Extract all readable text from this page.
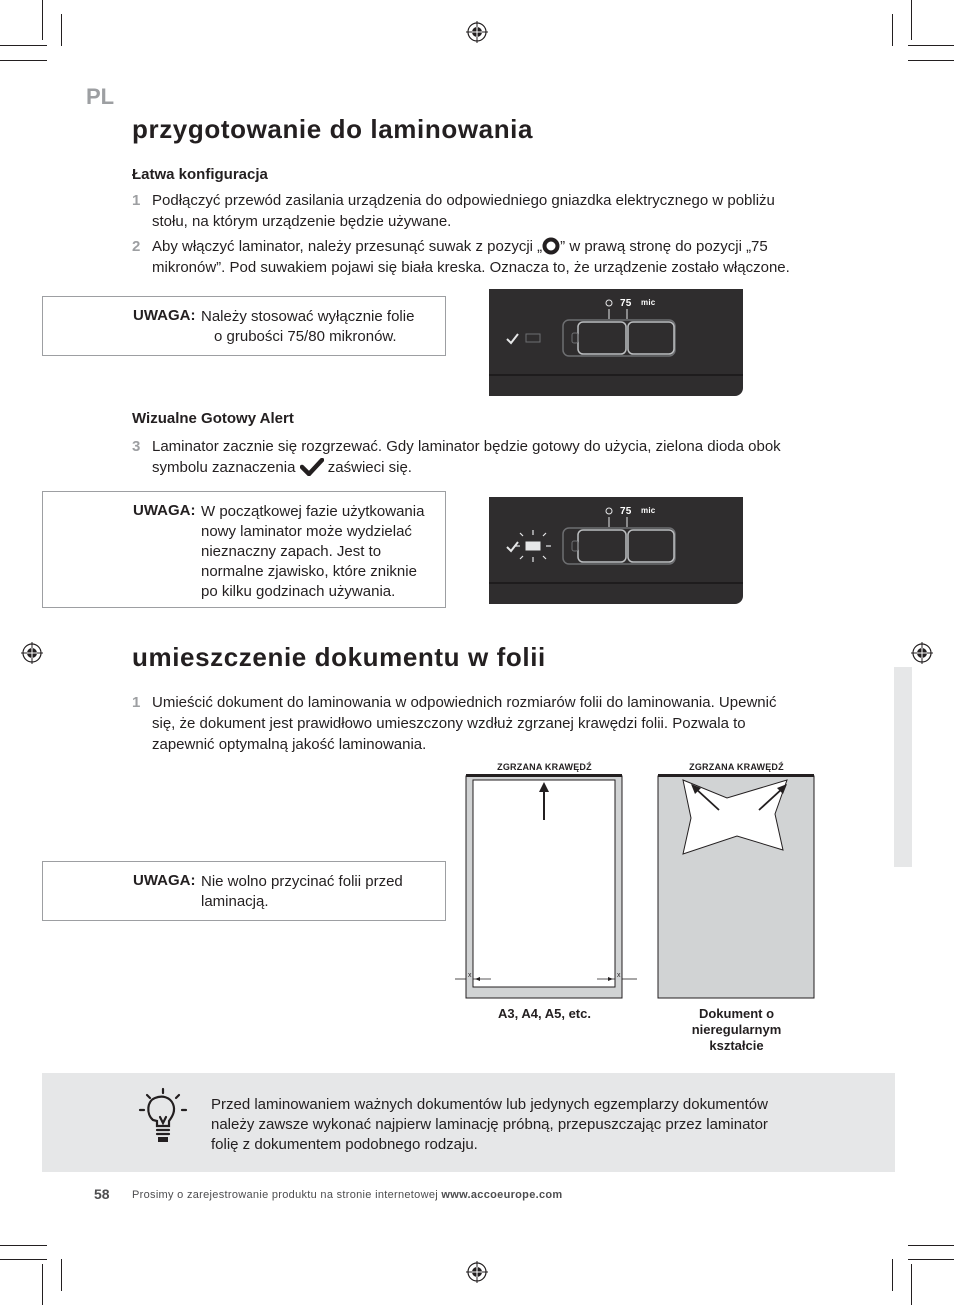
PL
przygotowanie do laminowania
Łatwa konfiguracja
1 Podłączyć przewód zasilania urządzenia do odpowiedniego gniazdka elektrycznego w pobliżu
stołu, na którym urządzenie będzie używane.
2 Aby włączyć laminator, należy przesunąć suwak z pozycji „ ” w prawą stronę do pozycji „75
mikronów”. Pod suwakiem pojawi się biała kreska. Oznacza to, że urządzenie zostało włączone.
UWAGA: Należy stosować wyłącznie folie
o grubości 75/80 mikronów.
75 mic
Wizualne Gotowy Alert
3 Laminator zacznie się rozgrzewać. Gdy laminator będzie gotowy do użycia, zielona dioda obok
symbolu zaznaczenia zaświeci się.
UWAGA: W początkowej fazie użytkowania
nowy laminator może wydzielać
nieznaczny zapach. Jest to
normalne zjawisko, które zniknie
po kilku godzinach używania.
75 mic
umieszczenie dokumentu w folii
1 Umieścić dokument do laminowania w odpowiednich rozmiarów folii do laminowania. Upewnić
się, że dokument jest prawidłowo umieszczony wzdłuż zgrzanej krawędzi folii. Pozwala to
zapewnić optymalną jakość laminowania.
UWAGA: Nie wolno przycinać folii przed
laminacją.
ZGRZANA KRAWĘDŹ
x	x
A3, A4, A5, etc.
ZGRZANA KRAWĘDŹ
Dokument o
nieregularnym
kształcie
Przed laminowaniem ważnych dokumentów lub jedynych egzemplarzy dokumentów
należy zawsze wykonać najpierw laminację próbną, przepuszczając przez laminator
folię z dokumentem podobnego rodzaju.
58 Prosimy o zarejestrowanie produktu na stronie internetowej www.accoeurope.com
